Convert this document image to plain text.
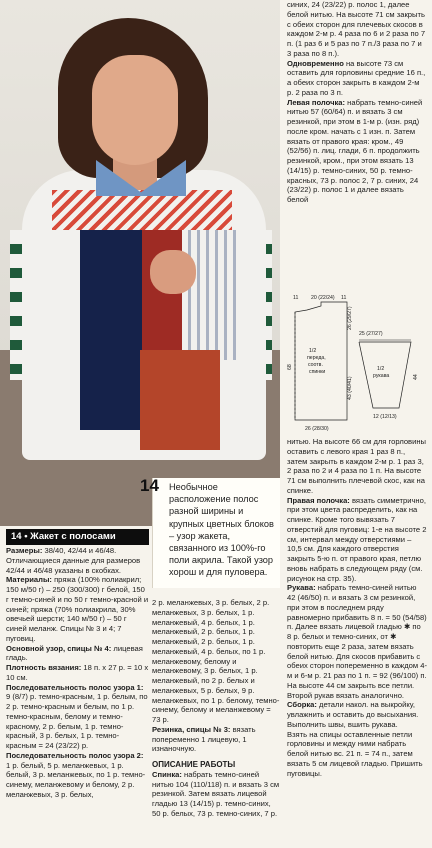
Необычное расположение полос разной ширины и крупных цветных блоков – узор жакета, связанного из 100%-го поли акрила. Такой узор хорош и для пуловера.
14
14 • Жакет с полосами

Размеры: 38/40, 42/44 и 46/48. Отличающиеся данные для размеров 42/44 и 46/48 указаны в скобках.

Материалы: пряжа (100% полиакрил; 150 м/50 г) – 250 (300/300) г белой, 150 г темно-синей и по 50 г темно-красной и синей; пряжа (70% полиакрила, 30% овечьей шерсти; 140 м/50 г) – 50 г синей меланж. Спицы № 3 и 4; 7 пуговиц.

Основной узор, спицы № 4: лицевая гладь.

Плотность вязания: 18 п. x 27 р. = 10 x 10 см.

Последовательность полос узора 1: 9 (8/7) р. темно-красным, 1 р. белым, по 2 р. темно-красным и белым, по 1 р. темно-красным, белому и темно-красному, 2 р. белым, 1 р. темно-красный, 3 р. белых, 1 р. темно-красным = 24 (23/22) р.

Последовательность полос узора 2: 1 р. белый, 5 р. меланжевых, 1 р. белый, 3 р. меланжевых, по 1 р. темно-синему, меланжевому и белому, 2 р. меланжевых, 3 р. белых,

2 р. меланжевых, 3 р. белых, 2 р. меланжевых, 3 р. белых, 1 р. меланжевый, 4 р. белых, 1 р. меланжевый, 2 р. белых, 1 р. меланжевый, 2 р. белых, 1 р. меланжевый, 4 р. белых, по 1 р. меланжевому, белому и меланжевому, 3 р. белых, 1 р. меланжевый, по 2 р. белых и меланжевых, 5 р. белых, 9 р. меланжевых, по 1 р. белому, темно-синему, белому и меланжевому = 73 р.

Резинка, спицы № 3: вязать попеременно 1 лицевую, 1 изнаночную.

ОПИСАНИЕ РАБОТЫ

Спинка: набрать темно-синей нитью 104 (110/118) п. и вязать 3 см резинкой. Затем вязать лицевой гладью 13 (14/15) р. темно-синих, 50 р. белых, 73 р. темно-синих, 7 р.

синих, 24 (23/22) р. полос 1, далее белой нитью. На высоте 71 см закрыть с обеих сторон для плечевых скосов в каждом 2-м р. 4 раза по 6 и 2 раза по 7 п. (1 раз 6 и 5 раз по 7 п./3 раза по 7 и 3 раза по 8 п.).

Одновременно на высоте 73 см оставить для горловины средние 16 п., а обеих сторон закрыть в каждом 2-м р. 2 раза по 3 п.

Левая полочка: набрать темно-синей нитью 57 (60/64) п. и вязать 3 см резинкой, при этом в 1-м р. (изн. ряд) после кром. начать с 1 изн. п. Затем вязать от правого края: кром., 49 (52/56) п. лиц. глади, 6 п. продолжить резинкой, кром., при этом вязать 13 (14/15) р. темно-синих, 50 р. темно-красных, 73 р. полос 2, 7 р. синих, 24 (23/22) р. полос 1 и далее вязать белой

11 20 (22/24) 11
1/2
переда,
соотв.
спинки	1/2
рукава
25 (27/27)
26 (28/30)
12 (12/13)
26 (29/27)
43 (40/41)
68
44

нитью. На высоте 66 см для горловины оставить с левого края 1 раз 8 п., затем закрыть в каждом 2-м р. 1 раз 3, 2 раза по 2 и 4 раза по 1 п. На высоте 71 см выполнить плечевой скос, как на спинке.

Правая полочка: вязать симметрично, при этом цвета распределить, как на спинке. Кроме того вывязать 7 отверстий для пуговиц: 1-е на высоте 2 см, интервал между отверстиями – 10,5 см. Для каждого отверстия закрыть 5-ю п. от правого края, петлю вновь набрать в следующем ряду (см. рисунок на стр. 35).

Рукава: набрать темно-синей нитью 42 (46/50) п. и вязать 3 см резинкой, при этом в последнем ряду равномерно прибавить 8 п. = 50 (54/58) п. Далее вязать лицевой гладью ✱ по 8 р. белых и темно-синих, от ✱ повторить еще 2 раза, затем вязать белой нитью. Для скосов прибавить с обеих сторон попеременно в каждом 4-м и 6-м р. 21 раз по 1 п. = 92 (96/100) п. На высоте 44 см закрыть все петли.

Второй рукав вязать аналогично.

Сборка: детали накол. на выкройку, увлажнить и оставить до высыхания. Выполнить швы, вшить рукава.

Взять на спицы оставленные петли горловины и между ними набрать белой нитью вс. 21 п. = 74 п., затем вязать 5 см лицевой гладью. Пришить пуговицы.
